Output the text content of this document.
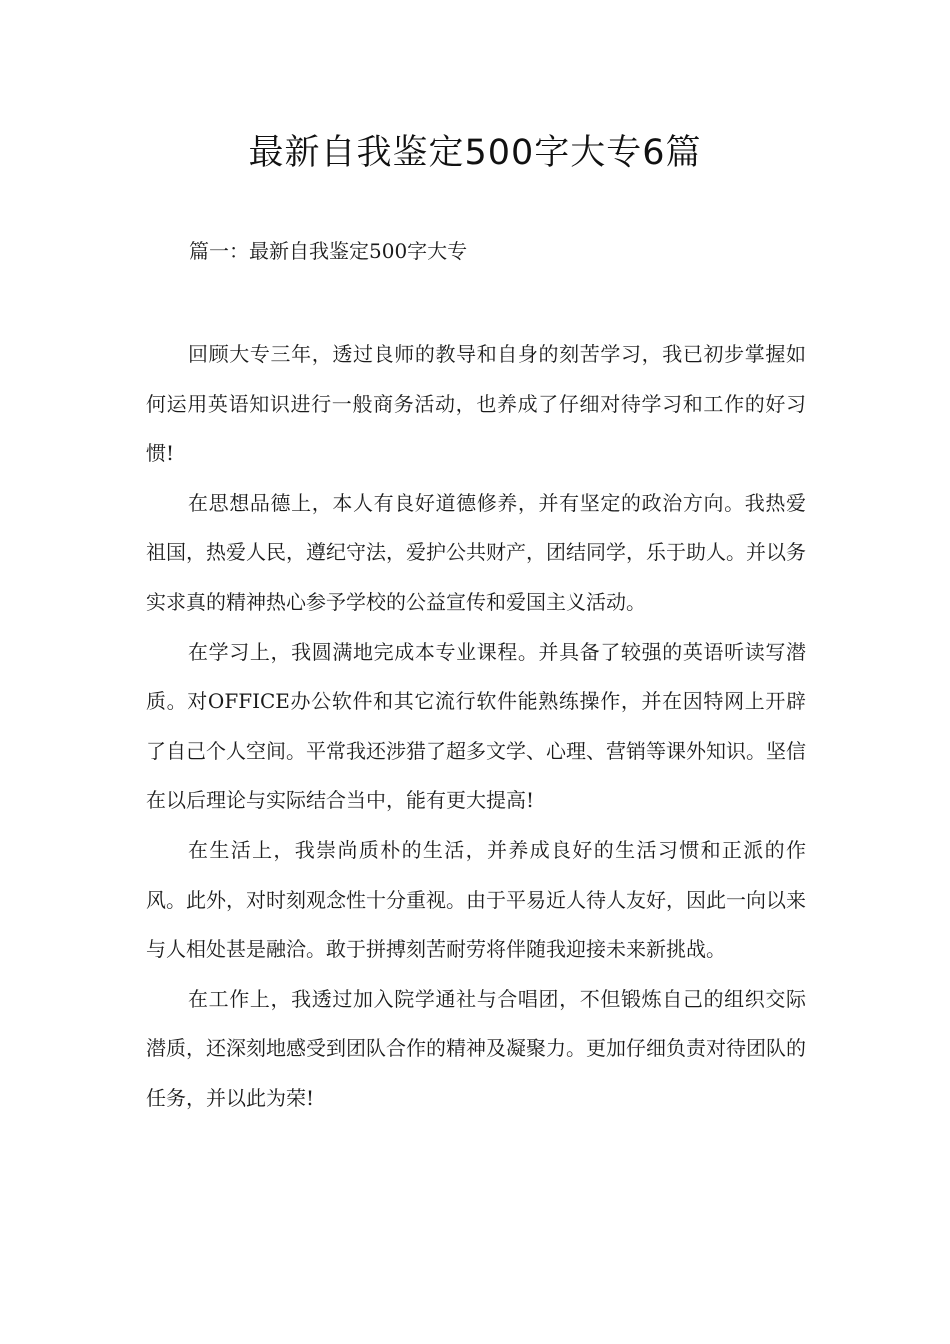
最新自我鉴定500字大专6篇
篇一：最新自我鉴定500字大专

回顾大专三年，透过良师的教导和自身的刻苦学习，我已初步掌握如何运用英语知识进行一般商务活动，也养成了仔细对待学习和工作的好习惯!

在思想品德上，本人有良好道德修养，并有坚定的政治方向。我热爱祖国，热爱人民，遵纪守法，爱护公共财产，团结同学，乐于助人。并以务实求真的精神热心参予学校的公益宣传和爱国主义活动。

在学习上，我圆满地完成本专业课程。并具备了较强的英语听读写潜质。对OFFICE办公软件和其它流行软件能熟练操作，并在因特网上开辟了自己个人空间。平常我还涉猎了超多文学、心理、营销等课外知识。坚信在以后理论与实际结合当中，能有更大提高!

在生活上，我崇尚质朴的生活，并养成良好的生活习惯和正派的作风。此外，对时刻观念性十分重视。由于平易近人待人友好，因此一向以来与人相处甚是融洽。敢于拼搏刻苦耐劳将伴随我迎接未来新挑战。

在工作上，我透过加入院学通社与合唱团，不但锻炼自己的组织交际潜质，还深刻地感受到团队合作的精神及凝聚力。更加仔细负责对待团队的任务，并以此为荣!
